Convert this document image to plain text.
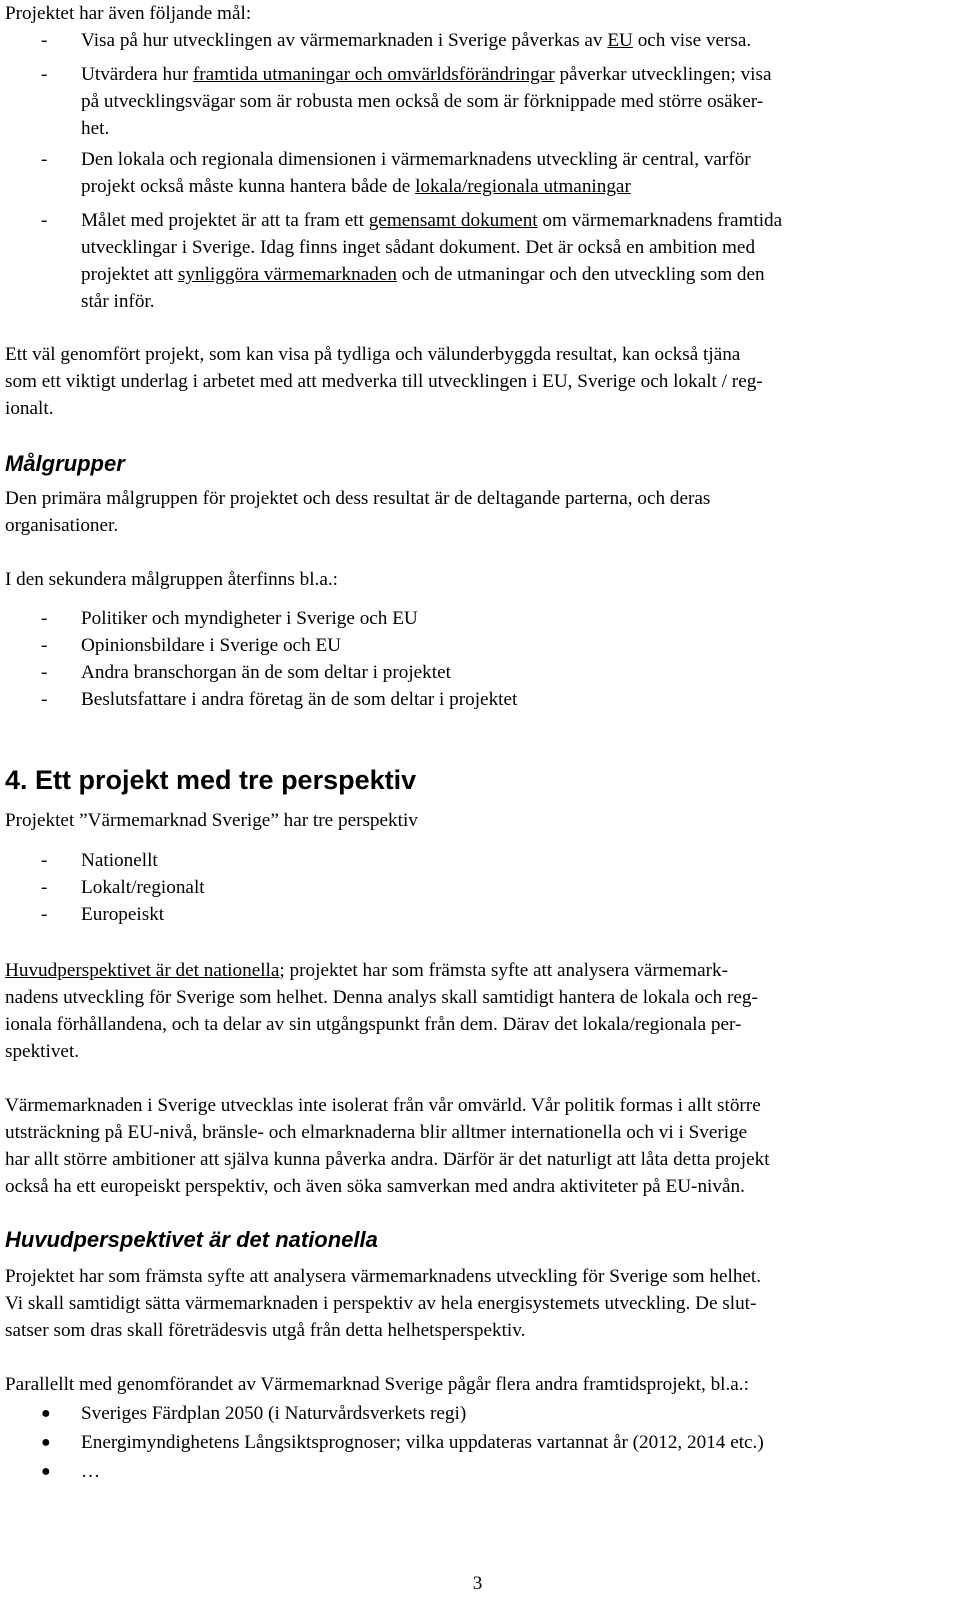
Projektet har även följande mål:
- Visa på hur utvecklingen av värmemarknaden i Sverige påverkas av EU och vise versa.
- Utvärdera hur framtida utmaningar och omvärldsförändringar påverkar utvecklingen; visa
på utvecklingsvägar som är robusta men också de som är förknippade med större osäker-
het.
- Den lokala och regionala dimensionen i värmemarknadens utveckling är central, varför
projekt också måste kunna hantera både de lokala/regionala utmaningar
- Målet med projektet är att ta fram ett gemensamt dokument om värmemarknadens framtida
utvecklingar i Sverige. Idag finns inget sådant dokument. Det är också en ambition med
projektet att synliggöra värmemarknaden och de utmaningar och den utveckling som den
står inför.
Ett väl genomfört projekt, som kan visa på tydliga och välunderbyggda resultat, kan också tjäna
som ett viktigt underlag i arbetet med att medverka till utvecklingen i EU, Sverige och lokalt / reg-
ionalt.
Målgrupper
Den primära målgruppen för projektet och dess resultat är de deltagande parterna, och deras
organisationer.
I den sekundera målgruppen återfinns bl.a.:
- Politiker och myndigheter i Sverige och EU
- Opinionsbildare i Sverige och EU
- Andra branschorgan än de som deltar i projektet
- Beslutsfattare i andra företag än de som deltar i projektet
4. Ett projekt med tre perspektiv
Projektet ”Värmemarknad Sverige” har tre perspektiv
- Nationellt
- Lokalt/regionalt
- Europeiskt
Huvudperspektivet är det nationella; projektet har som främsta syfte att analysera värmemark-
nadens utveckling för Sverige som helhet. Denna analys skall samtidigt hantera de lokala och reg-
ionala förhållandena, och ta delar av sin utgångspunkt från dem. Därav det lokala/regionala per-
spektivet.
Värmemarknaden i Sverige utvecklas inte isolerat från vår omvärld. Vår politik formas i allt större
utsträckning på EU-nivå, bränsle- och elmarknaderna blir alltmer internationella och vi i Sverige
har allt större ambitioner att själva kunna påverka andra. Därför är det naturligt att låta detta projekt
också ha ett europeiskt perspektiv, och även söka samverkan med andra aktiviteter på EU-nivån.
Huvudperspektivet är det nationella
Projektet har som främsta syfte att analysera värmemarknadens utveckling för Sverige som helhet.
Vi skall samtidigt sätta värmemarknaden i perspektiv av hela energisystemets utveckling. De slut-
satser som dras skall företrädesvis utgå från detta helhetsperspektiv.
Parallellt med genomförandet av Värmemarknad Sverige pågår flera andra framtidsprojekt, bl.a.:
● Sveriges Färdplan 2050 (i Naturvårdsverkets regi)
● Energimyndighetens Långsiktsprognoser; vilka uppdateras vartannat år (2012, 2014 etc.)
● …
3
